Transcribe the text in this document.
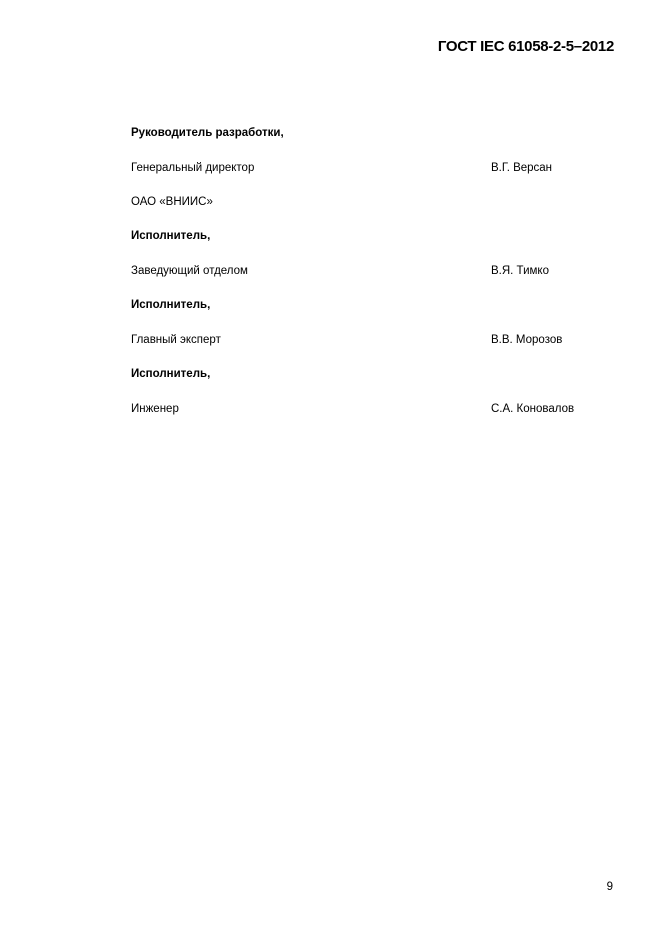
ГОСТ IEC 61058-2-5–2012
Руководитель разработки,
Генеральный директор	В.Г. Версан
ОАО «ВНИИС»
Исполнитель,
Заведующий отделом	В.Я. Тимко
Исполнитель,
Главный эксперт	В.В. Морозов
Исполнитель,
Инженер	С.А. Коновалов
9
